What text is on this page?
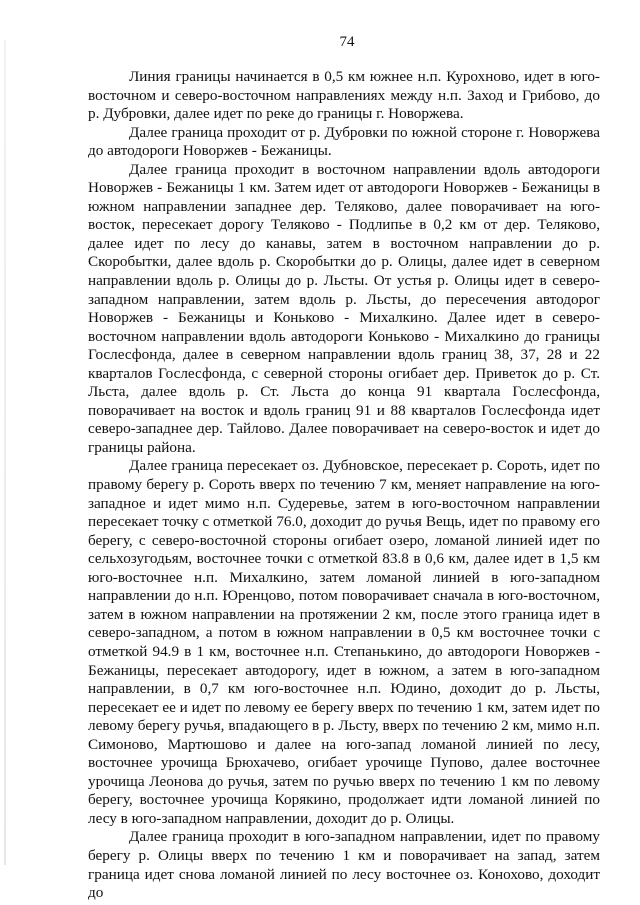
74

Линия границы начинается в 0,5 км южнее н.п. Курохново, идет в юго-восточном и северо-восточном направлениях между н.п. Заход и Грибово, до р. Дубровки, далее идет по реке до границы г. Новоржева.

Далее граница проходит от р. Дубровки по южной стороне г. Новоржева до автодороги Новоржев - Бежаницы.

Далее граница проходит в восточном направлении вдоль автодороги Новоржев - Бежаницы 1 км. Затем идет от автодороги Новоржев - Бежаницы в южном направлении западнее дер. Теляково, далее поворачивает на юго-восток, пересекает дорогу Теляково - Подлипье в 0,2 км от дер. Теляково, далее идет по лесу до канавы, затем в восточном направлении до р. Скоробытки, далее вдоль р. Скоробытки до р. Олицы, далее идет в северном направлении вдоль р. Олицы до р. Льсты. От устья р. Олицы идет в северо-западном направлении, затем вдоль р. Льсты, до пересечения автодорог Новоржев - Бежаницы и Коньково - Михалкино. Далее идет в северо-восточном направлении вдоль автодороги Коньково - Михалкино до границы Гослесфонда, далее в северном направлении вдоль границ 38, 37, 28 и 22 кварталов Гослесфонда, с северной стороны огибает дер. Приветок до р. Ст. Льста, далее вдоль р. Ст. Льста до конца 91 квартала Гослесфонда, поворачивает на восток и вдоль границ 91 и 88 кварталов Гослесфонда идет северо-западнее дер. Тайлово. Далее поворачивает на северо-восток и идет до границы района.

Далее граница пересекает оз. Дубновское, пересекает р. Сороть, идет по правому берегу р. Сороть вверх по течению 7 км, меняет направление на юго-западное и идет мимо н.п. Судеревье, затем в юго-восточном направлении пересекает точку с отметкой 76.0, доходит до ручья Вещь, идет по правому его берегу, с северо-восточной стороны огибает озеро, ломаной линией идет по сельхозугодьям, восточнее точки с отметкой 83.8 в 0,6 км, далее идет в 1,5 км юго-восточнее н.п. Михалкино, затем ломаной линией в юго-западном направлении до н.п. Юренцово, потом поворачивает сначала в юго-восточном, затем в южном направлении на протяжении 2 км, после этого граница идет в северо-западном, а потом в южном направлении в 0,5 км восточнее точки с отметкой 94.9 в 1 км, восточнее н.п. Степанькино, до автодороги Новоржев - Бежаницы, пересекает автодорогу, идет в южном, а затем в юго-западном направлении, в 0,7 км юго-восточнее н.п. Юдино, доходит до р. Льсты, пересекает ее и идет по левому ее берегу вверх по течению 1 км, затем идет по левому берегу ручья, впадающего в р. Льсту, вверх по течению 2 км, мимо н.п. Симоново, Мартюшово и далее на юго-запад ломаной линией по лесу, восточнее урочища Брюхачево, огибает урочище Пупово, далее восточнее урочища Леонова до ручья, затем по ручью вверх по течению 1 км по левому берегу, восточнее урочища Корякино, продолжает идти ломаной линией по лесу в юго-западном направлении, доходит до р. Олицы.

Далее граница проходит в юго-западном направлении, идет по правому берегу р. Олицы вверх по течению 1 км и поворачивает на запад, затем граница идет снова ломаной линией по лесу восточнее оз. Конохово, доходит до
